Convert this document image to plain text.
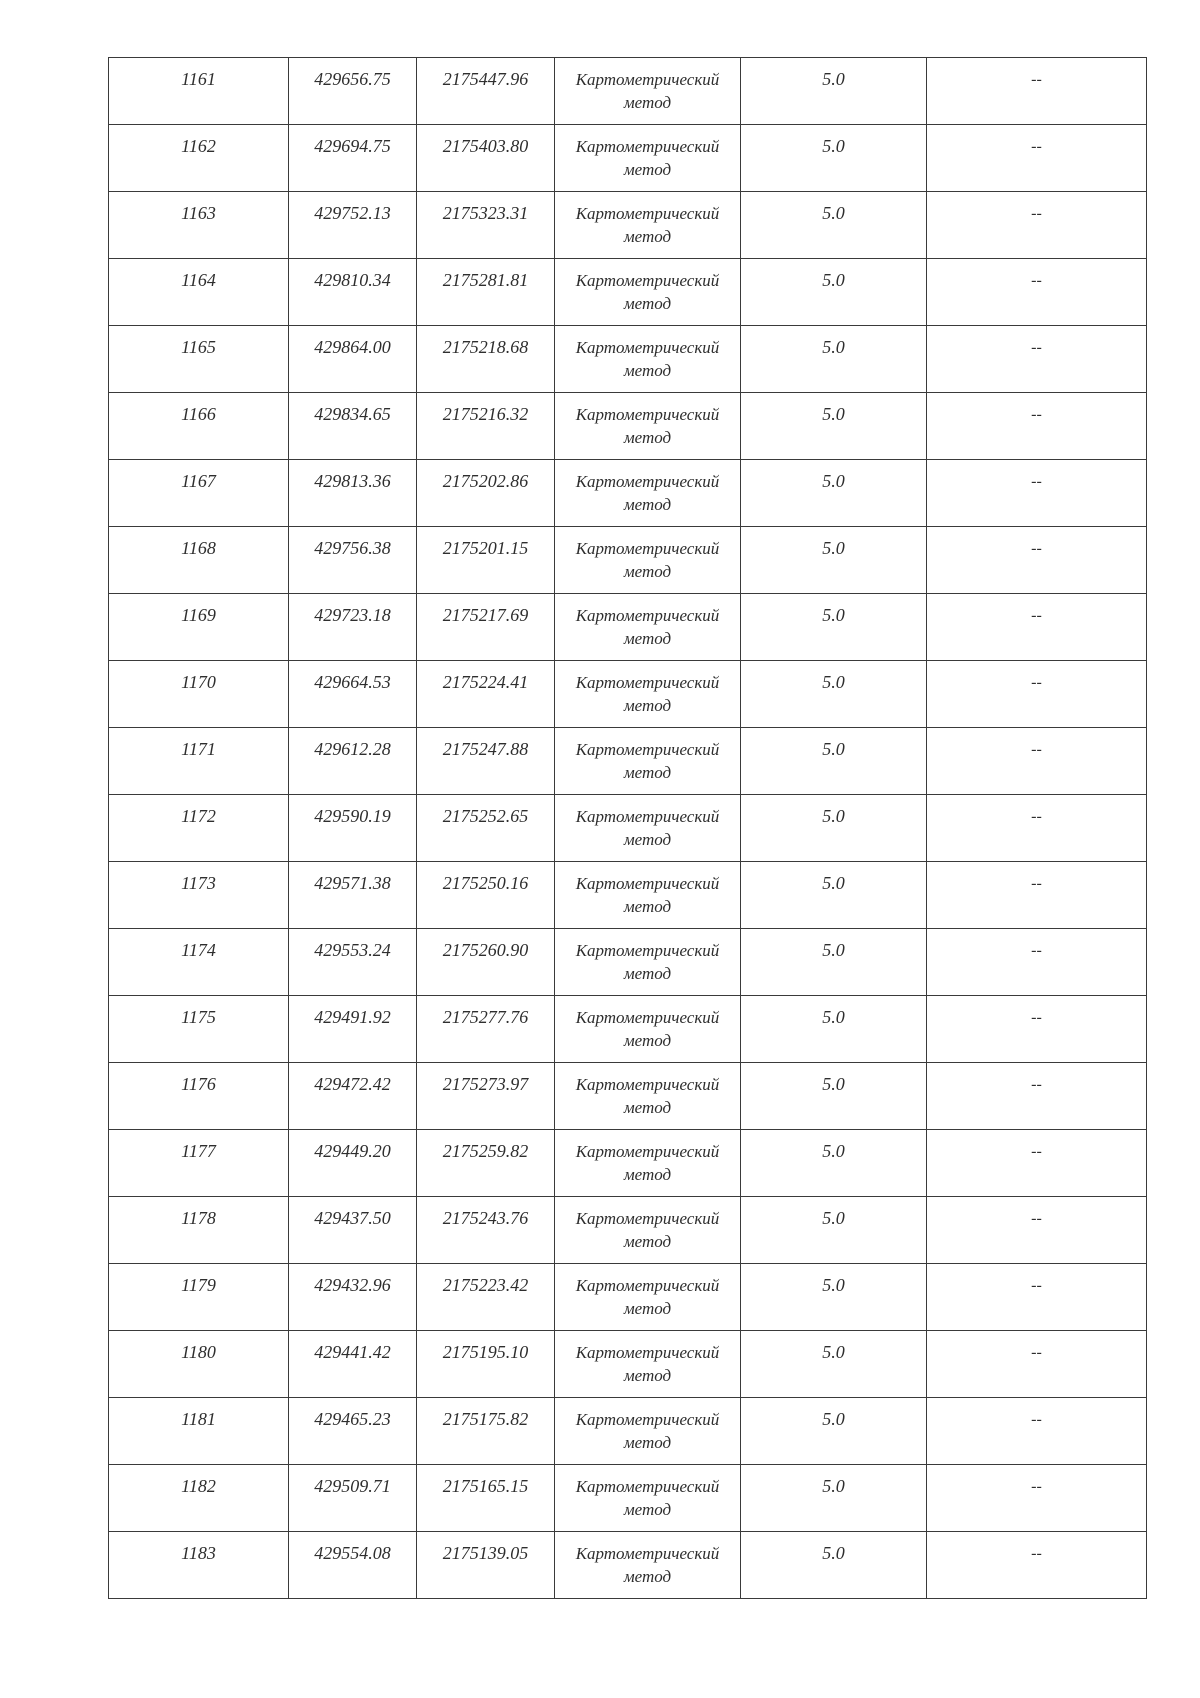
1161	429656.75	2175447.96	Картометрический метод	5.0	--
1162	429694.75	2175403.80	Картометрический метод	5.0	--
1163	429752.13	2175323.31	Картометрический метод	5.0	--
1164	429810.34	2175281.81	Картометрический метод	5.0	--
1165	429864.00	2175218.68	Картометрический метод	5.0	--
1166	429834.65	2175216.32	Картометрический метод	5.0	--
1167	429813.36	2175202.86	Картометрический метод	5.0	--
1168	429756.38	2175201.15	Картометрический метод	5.0	--
1169	429723.18	2175217.69	Картометрический метод	5.0	--
1170	429664.53	2175224.41	Картометрический метод	5.0	--
1171	429612.28	2175247.88	Картометрический метод	5.0	--
1172	429590.19	2175252.65	Картометрический метод	5.0	--
1173	429571.38	2175250.16	Картометрический метод	5.0	--
1174	429553.24	2175260.90	Картометрический метод	5.0	--
1175	429491.92	2175277.76	Картометрический метод	5.0	--
1176	429472.42	2175273.97	Картометрический метод	5.0	--
1177	429449.20	2175259.82	Картометрический метод	5.0	--
1178	429437.50	2175243.76	Картометрический метод	5.0	--
1179	429432.96	2175223.42	Картометрический метод	5.0	--
1180	429441.42	2175195.10	Картометрический метод	5.0	--
1181	429465.23	2175175.82	Картометрический метод	5.0	--
1182	429509.71	2175165.15	Картометрический метод	5.0	--
1183	429554.08	2175139.05	Картометрический метод	5.0	--
